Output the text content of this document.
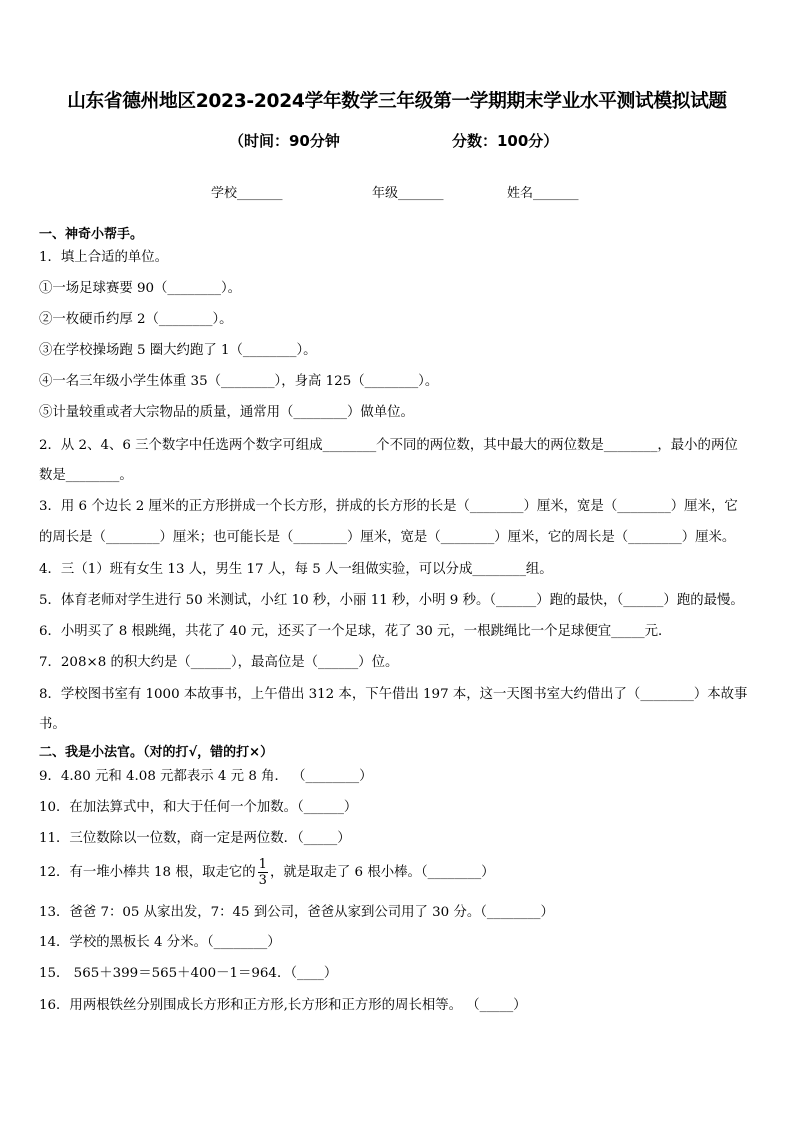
山东省德州地区2023-2024学年数学三年级第一学期期末学业水平测试模拟试题
（时间：90分钟	分数：100分）
学校_______	年级_______	姓名_______
一、神奇小帮手。
1．填上合适的单位。
①一场足球赛要 90（________）。
②一枚硬币约厚 2（________）。
③在学校操场跑 5 圈大约跑了 1（________）。
④一名三年级小学生体重 35（________），身高 125（________）。
⑤计量较重或者大宗物品的质量，通常用（________）做单位。
2．从 2、4、6 三个数字中任选两个数字可组成________个不同的两位数，其中最大的两位数是________，最小的两位
数是________。
3．用 6 个边长 2 厘米的正方形拼成一个长方形，拼成的长方形的长是（________）厘米，宽是（________）厘米，它
的周长是（________）厘米；也可能长是（________）厘米，宽是（________）厘米，它的周长是（________）厘米。
4．三（1）班有女生 13 人，男生 17 人，每 5 人一组做实验，可以分成________组。
5．体育老师对学生进行 50 米测试，小红 10 秒，小丽 11 秒，小明 9 秒。（______）跑的最快，（______）跑的最慢。
6．小明买了 8 根跳绳，共花了 40 元，还买了一个足球，花了 30 元，一根跳绳比一个足球便宜_____元．
7．208×8 的积大约是（______），最高位是（______）位。
8．学校图书室有 1000 本故事书，上午借出 312 本，下午借出 197 本，这一天图书室大约借出了（________）本故事
书。
二、我是小法官。（对的打√，错的打×）
9．4.80 元和 4.08 元都表示 4 元 8 角． （________）
10．在加法算式中，和大于任何一个加数。（______）
11．三位数除以一位数，商一定是两位数．（_____）
12．有一堆小棒共 18 根，取走它的 $\frac{1}{3}$ ，就是取走了 6 根小棒。（________）
13．爸爸 7：05 从家出发，7：45 到公司，爸爸从家到公司用了 30 分。（________）
14．学校的黑板长 4 分米。（________）
15． 565＋399＝565＋400－1＝964．（____）
16．用两根铁丝分别围成长方形和正方形,长方形和正方形的周长相等。 （_____）
